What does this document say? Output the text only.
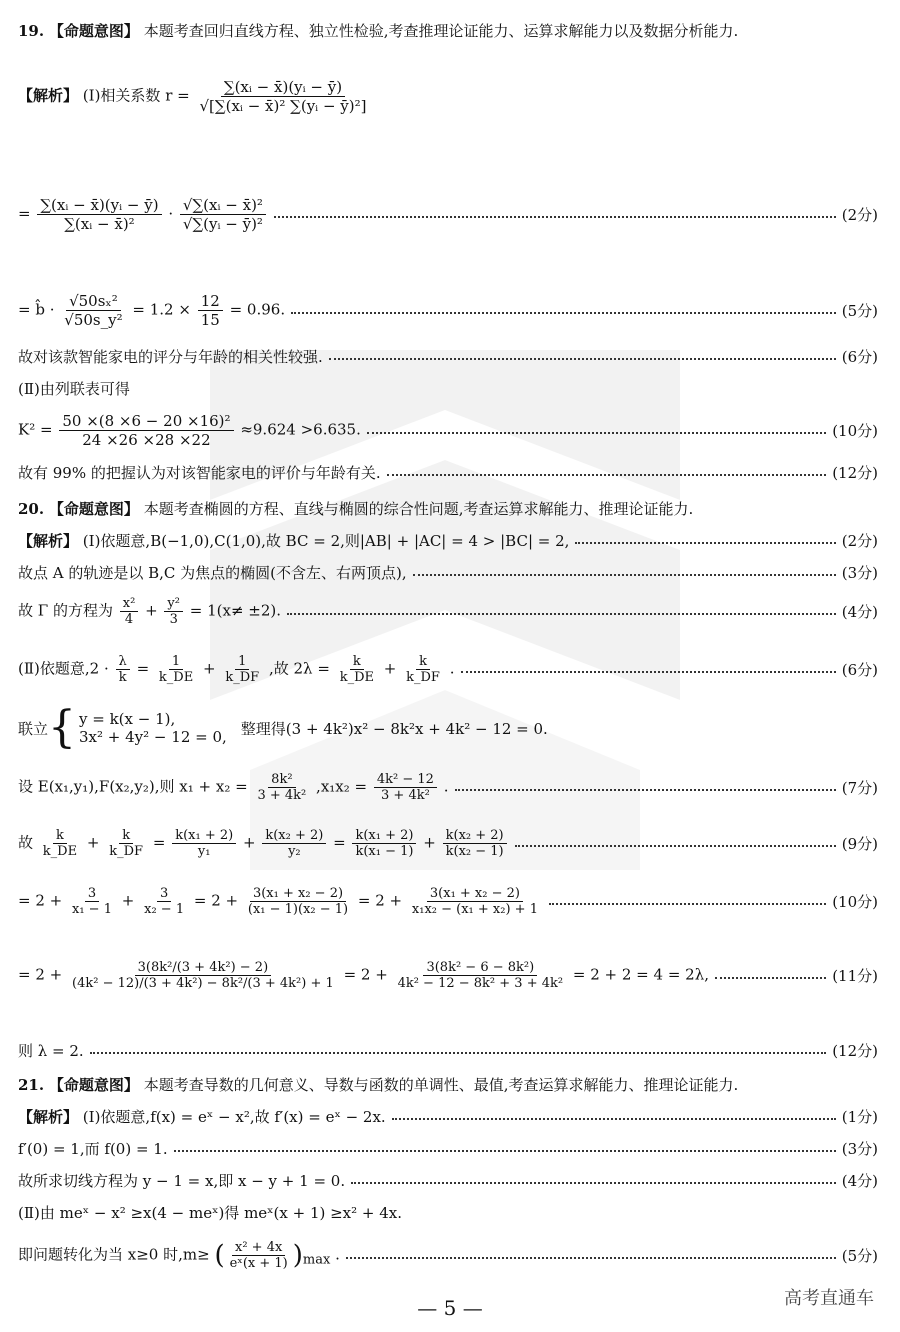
19. 【命题意图】 本题考查回归直线方程、独立性检验,考查推理论证能力、运算求解能力以及数据分析能力.
【解析】 (Ⅰ)相关系数 $r = \frac{\text{∑(xᵢ − x̄)(yᵢ − ȳ)}}{\text{√[∑(xᵢ − x̄)² ∑(yᵢ − ȳ)²]}}$
= $\frac{\text{∑(xᵢ − x̄)(yᵢ − ȳ)}}{\text{∑(xᵢ − x̄)²}} \cdot \frac{\text{√∑(xᵢ − x̄)²}}{\text{√∑(yᵢ − ȳ)²}}$	(2分)
= b̂ · $\frac{\text{√50sₓ²}}{\text{√50s\_y²}} = 1.2 \times \frac{12}{15} = 0.96$.	(5分)
故对该款智能家电的评分与年龄的相关性较强.	(6分)
(Ⅱ)由列联表可得
$K^2 = \frac{\text{50 ×(8 ×6 − 20 ×16)²}}{24 \times 26 \times 28 \times 22} \approx 9.624 >6.635$.	(10分)
故有 99% 的把握认为对该智能家电的评价与年龄有关.	(12分)
20. 【命题意图】 本题考查椭圆的方程、直线与椭圆的综合性问题,考查运算求解能力、推理论证能力.
【解析】 (Ⅰ)依题意,B(−1,0),C(1,0),故 BC = 2,则|AB| + |AC| = 4 > |BC| = 2,	(2分)
故点 A 的轨迹是以 B,C 为焦点的椭圆(不含左、右两顶点),	(3分)
故 Γ 的方程为 $\frac{\text{x²}}{4} + \frac{\text{y²}}{3} = 1(x\ne \pm 2)$.	(4分)
(Ⅱ)依题意$,2 \cdot \frac{\lambda}{k} = \frac{1}{k\_DE} + \frac{1}{k\_DF}$ ,故 $2\lambda = \frac{k}{k\_DE} + \frac{k}{k\_DF}$ .	(6分)
联立 { y = k(x − 1),
3x² + 4y² − 12 = 0, 整理得(3 + 4k²)x² − 8k²x + 4k² − 12 = 0.
设 E(x₁,y₁),F(x₂,y₂),则 $x_1 + x_2 = \frac{\text{8k²}}{\text{3 + 4k²}} ,x_1x_2 = \frac{\text{4k² − 12}}{\text{3 + 4k²}}$ .	(7分)
故 $\frac{k}{k\_DE} + \frac{k}{k\_DF} = \frac{\text{k(x₁ + 2)}}{\text{y₁}} + \frac{\text{k(x₂ + 2)}}{\text{y₂}} = \frac{\text{k(x₁ + 2)}}{\text{k(x₁ − 1)}} + \frac{\text{k(x₂ + 2)}}{\text{k(x₂ − 1)}}$	(9分)
= $2 + \frac{3}{\text{x₁ − 1}} + \frac{3}{\text{x₂ − 1}} = 2 + \frac{\text{3(x₁ + x₂ − 2)}}{\text{(x₁ − 1)(x₂ − 1)}} = 2 + \frac{\text{3(x₁ + x₂ − 2)}}{\text{x₁x₂ − (x₁ + x₂) + 1}}$	(10分)
= $2 + \frac{\text{3(8k²/(3 + 4k²) − 2)}}{\text{(4k² − 12)/(3 + 4k²) − 8k²/(3 + 4k²) + 1}} = 2 + \frac{\text{3(8k² − 6 − 8k²)}}{\text{4k² − 12 − 8k² + 3 + 4k²}} = 2 + 2 = 4 = 2\lambda$,	(11分)
则 λ = 2.	(12分)
21. 【命题意图】 本题考查导数的几何意义、导数与函数的单调性、最值,考查运算求解能力、推理论证能力.
【解析】 (Ⅰ)依题意,f(x) = eˣ − x²,故 f′(x) = eˣ − 2x.	(1分)
f′(0) = 1,而 f(0) = 1.	(3分)
故所求切线方程为 y − 1 = x,即 x − y + 1 = 0.	(4分)
(Ⅱ)由 meˣ − x² ≥x(4 − meˣ)得 meˣ(x + 1) ≥x² + 4x.
即问题转化为当 x≥0 时,m≥ ( $\frac{\text{x² + 4x}}{\text{eˣ(x + 1)}} )_{max}$ .	(5分)
— 5 —	高考直通车
